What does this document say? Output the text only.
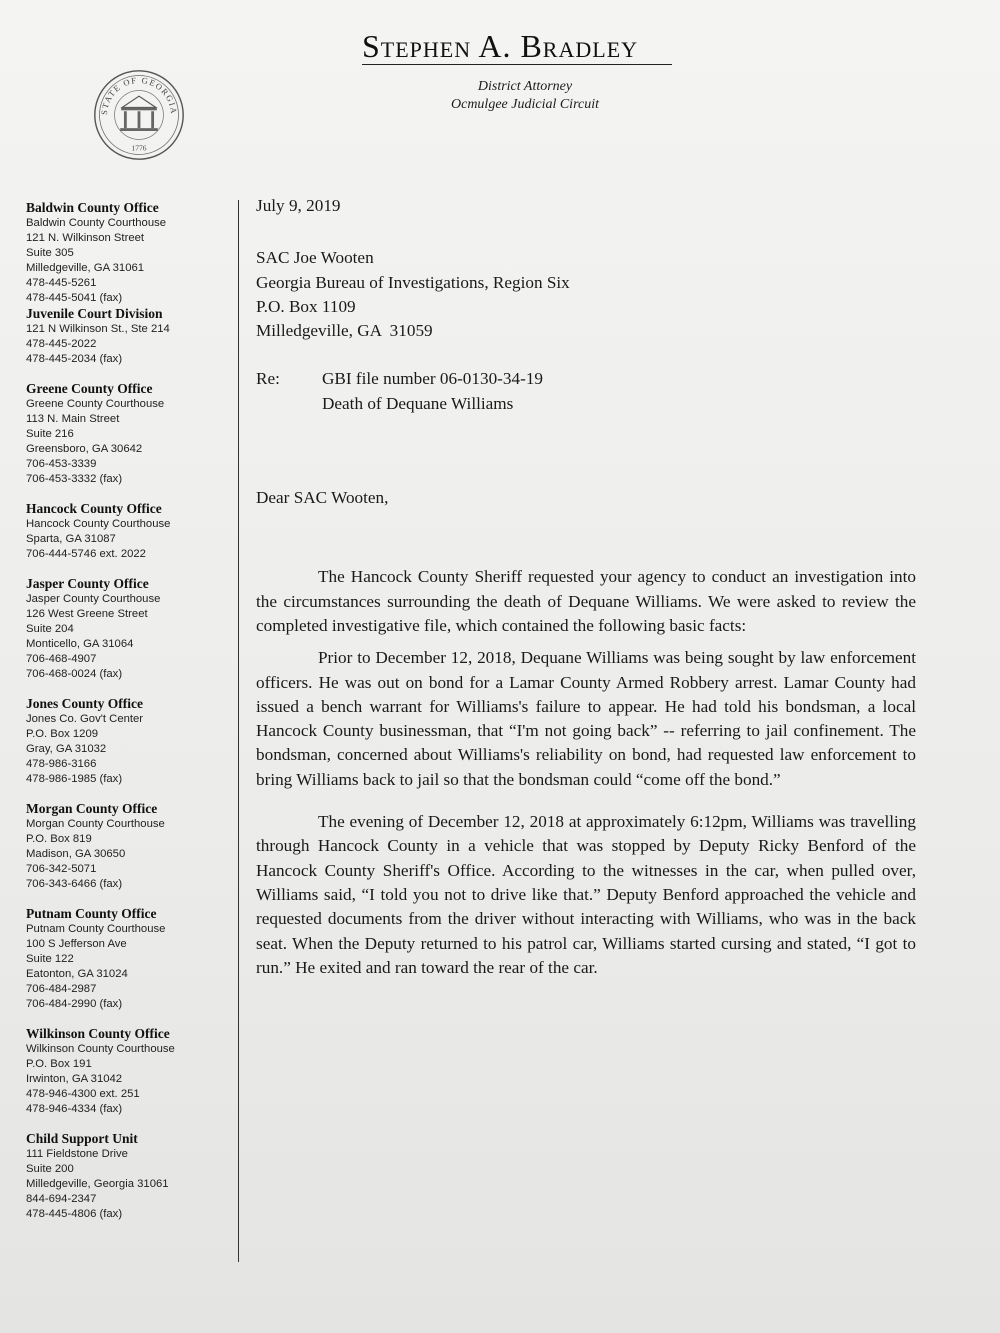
Stephen A. Bradley
District Attorney
Ocmulgee Judicial Circuit
STATE OF GEORGIA
1776
Baldwin County Office
Baldwin County Courthouse
121 N. Wilkinson Street
Suite 305
Milledgeville, GA 31061
478-445-5261
478-445-5041 (fax)
Juvenile Court Division
121 N Wilkinson St., Ste 214
478-445-2022
478-445-2034 (fax)
Greene County Office
Greene County Courthouse
113 N. Main Street
Suite 216
Greensboro, GA 30642
706-453-3339
706-453-3332 (fax)
Hancock County Office
Hancock County Courthouse
Sparta, GA 31087
706-444-5746 ext. 2022
Jasper County Office
Jasper County Courthouse
126 West Greene Street
Suite 204
Monticello, GA 31064
706-468-4907
706-468-0024 (fax)
Jones County Office
Jones Co. Gov't Center
P.O. Box 1209
Gray, GA 31032
478-986-3166
478-986-1985 (fax)
Morgan County Office
Morgan County Courthouse
P.O. Box 819
Madison, GA 30650
706-342-5071
706-343-6466 (fax)
Putnam County Office
Putnam County Courthouse
100 S Jefferson Ave
Suite 122
Eatonton, GA 31024
706-484-2987
706-484-2990 (fax)
Wilkinson County Office
Wilkinson County Courthouse
P.O. Box 191
Irwinton, GA 31042
478-946-4300 ext. 251
478-946-4334 (fax)
Child Support Unit
111 Fieldstone Drive
Suite 200
Milledgeville, Georgia 31061
844-694-2347
478-445-4806 (fax)
July 9, 2019
SAC Joe Wooten
Georgia Bureau of Investigations, Region Six
P.O. Box 1109
Milledgeville, GA  31059
Re:	GBI file number 06-0130-34-19
Death of Dequane Williams
Dear SAC Wooten,

The Hancock County Sheriff requested your agency to conduct an investigation into the circumstances surrounding the death of Dequane Williams. We were asked to review the completed investigative file, which contained the following basic facts:

Prior to December 12, 2018, Dequane Williams was being sought by law enforcement officers. He was out on bond for a Lamar County Armed Robbery arrest. Lamar County had issued a bench warrant for Williams's failure to appear. He had told his bondsman, a local Hancock County businessman, that “I'm not going back” -- referring to jail confinement. The bondsman, concerned about Williams's reliability on bond, had requested law enforcement to bring Williams back to jail so that the bondsman could “come off the bond.”

The evening of December 12, 2018 at approximately 6:12pm, Williams was travelling through Hancock County in a vehicle that was stopped by Deputy Ricky Benford of the Hancock County Sheriff's Office. According to the witnesses in the car, when pulled over, Williams said, “I told you not to drive like that.” Deputy Benford approached the vehicle and requested documents from the driver without interacting with Williams, who was in the back seat. When the Deputy returned to his patrol car, Williams started cursing and stated, “I got to run.” He exited and ran toward the rear of the car.
